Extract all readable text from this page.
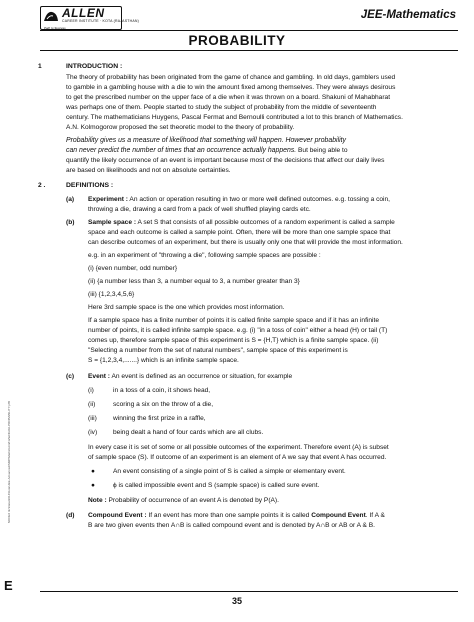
ALLEN
CAREER INSTITUTE · KOTA (RAJASTHAN)
Path to Success
JEE-Mathematics
PROBABILITY
NODE6 \E:\Data\2014\Kota\JEE-Advanced\SMP\Maths\Unit#12\ENG\02-PROBABILITY.p65
E
1	INTRODUCTION :
The theory of probability has been originated from the game of chance and gambling. In old days, gamblers used
to gamble in a gambling house with a die to win the amount fixed among themselves. They were always desirous
to get the prescribed number on the upper face of a die when it was thrown on a board. Shakuni of Mahabharat
was perhaps one of them. People started to study the subject of probability from the middle of seventeenth
century. The mathematicians Huygens, Pascal Fermat and Bernoulli contributed a lot to this branch of Mathematics.
A.N. Kolmogorow proposed the set theoretic model to the theory of probability.
Probability gives us a measure of likelihood that something will happen. However probability
can never predict the number of times that an occurrence actually happens. But being able to
quantify the likely occurrence of an event is important because most of the decisions that affect our daily lives
are based on likelihoods and not on absolute certainties.
2 .	DEFINITIONS :
(a) Experiment : An action or operation resulting in two or more well defined outcomes. e.g. tossing a coin,
throwing a die, drawing a card from a pack of well shuffled playing cards etc.
(b) Sample space : A set S that consists of all possible outcomes of a random experiment is called a sample
space and each outcome is called a sample point. Often, there will be more than one sample space that
can describe outcomes of an experiment, but there is usually only one that will provide the most information.
e.g. in an experiment of "throwing a die", following sample spaces are possible :
(i) {even number, odd number}
(ii) {a number less than 3, a number equal to 3, a number greater than 3}
(iii) {1,2,3,4,5,6}
Here 3rd sample space is the one which provides most information.
If a sample space has a finite number of points it is called finite sample space and if it has an infinite
number of points, it is called infinite sample space. e.g. (i) "in a toss of coin" either a head (H) or tail (T)
comes up, therefore sample space of this experiment is S = {H,T} which is a finite sample space. (ii)
"Selecting a number from the set of natural numbers", sample space of this experiment is
S = {1,2,3,4,.......} which is an infinite sample space.
(c) Event : An event is defined as an occurrence or situation, for example
(i)	in a toss of a coin, it shows head,
(ii)	scoring a six on the throw of a die,
(iii) winning the first prize in a raffle,
(iv) being dealt a hand of four cards which are all clubs.
In every case it is set of some or all possible outcomes of the experiment. Therefore event (A) is subset
of sample space (S). If outcome of an experiment is an element of A we say that event A has occurred.
●	An event consisting of a single point of S is called a simple or elementary event.
●	ϕ is called impossible event and S (sample space) is called sure event.
Note : Probability of occurrence of an event A is denoted by P(A).
(d) Compound Event : If an event has more than one sample points it is called Compound Event. If A &
B are two given events then A∩B is called compound event and is denoted by A∩B or AB or A & B.
35
